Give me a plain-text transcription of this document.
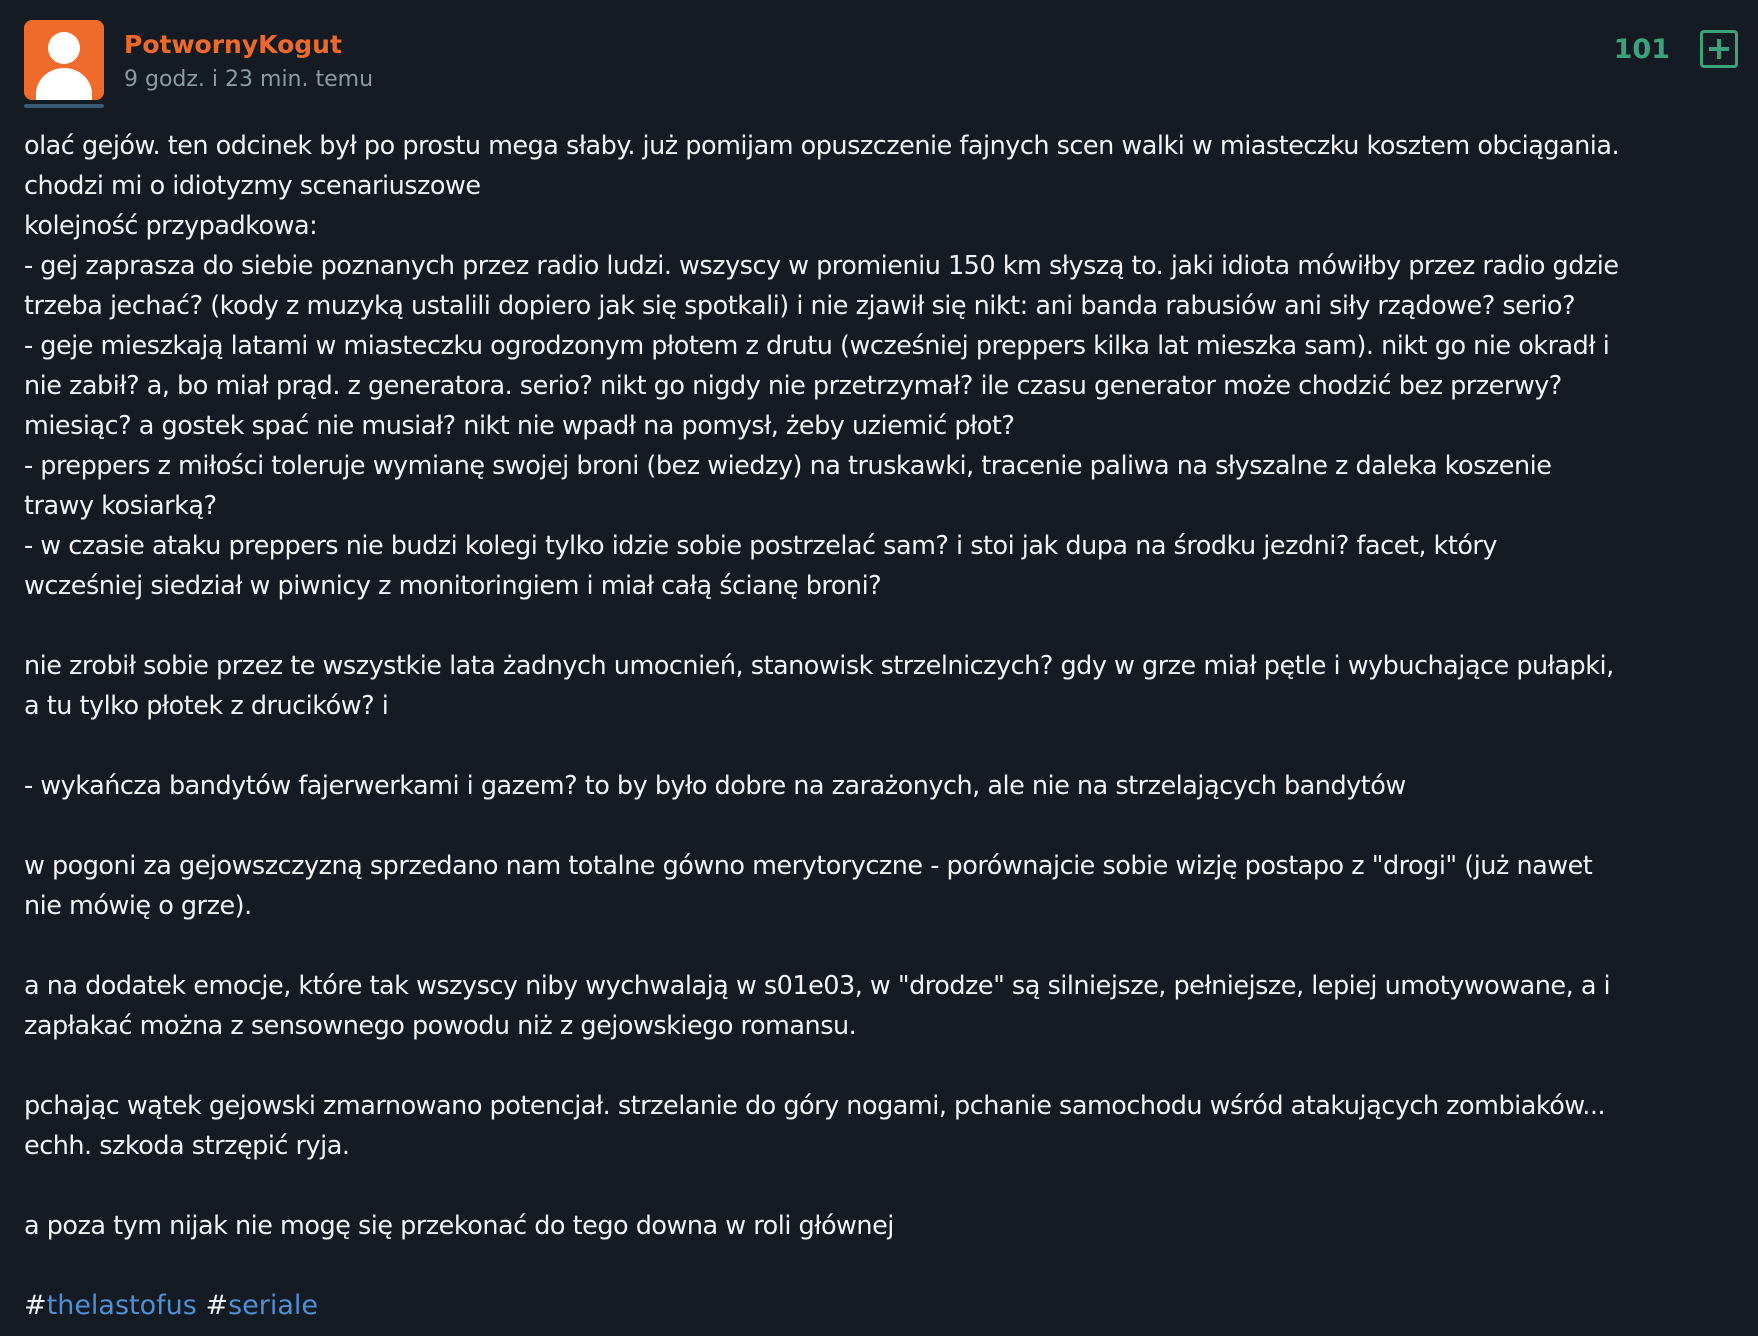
PotwornyKogut
9 godz. i 23 min. temu
101
olać gejów. ten odcinek był po prostu mega słaby. już pomijam opuszczenie fajnych scen walki w miasteczku kosztem obciągania.
chodzi mi o idiotyzmy scenariuszowe
kolejność przypadkowa:
- gej zaprasza do siebie poznanych przez radio ludzi. wszyscy w promieniu 150 km słyszą to. jaki idiota mówiłby przez radio gdzie
trzeba jechać? (kody z muzyką ustalili dopiero jak się spotkali) i nie zjawił się nikt: ani banda rabusiów ani siły rządowe? serio?
- geje mieszkają latami w miasteczku ogrodzonym płotem z drutu (wcześniej preppers kilka lat mieszka sam). nikt go nie okradł i
nie zabił? a, bo miał prąd. z generatora. serio? nikt go nigdy nie przetrzymał? ile czasu generator może chodzić bez przerwy?
miesiąc? a gostek spać nie musiał? nikt nie wpadł na pomysł, żeby uziemić płot?
- preppers z miłości toleruje wymianę swojej broni (bez wiedzy) na truskawki, tracenie paliwa na słyszalne z daleka koszenie
trawy kosiarką?
- w czasie ataku preppers nie budzi kolegi tylko idzie sobie postrzelać sam? i stoi jak dupa na środku jezdni? facet, który
wcześniej siedział w piwnicy z monitoringiem i miał całą ścianę broni?
nie zrobił sobie przez te wszystkie lata żadnych umocnień, stanowisk strzelniczych? gdy w grze miał pętle i wybuchające pułapki,
a tu tylko płotek z drucików? i
- wykańcza bandytów fajerwerkami i gazem? to by było dobre na zarażonych, ale nie na strzelających bandytów
w pogoni za gejowszczyzną sprzedano nam totalne gówno merytoryczne - porównajcie sobie wizję postapo z "drogi" (już nawet
nie mówię o grze).
a na dodatek emocje, które tak wszyscy niby wychwalają w s01e03, w "drodze" są silniejsze, pełniejsze, lepiej umotywowane, a i
zapłakać można z sensownego powodu niż z gejowskiego romansu.
pchając wątek gejowski zmarnowano potencjał. strzelanie do góry nogami, pchanie samochodu wśród atakujących zombiaków...
echh. szkoda strzępić ryja.
a poza tym nijak nie mogę się przekonać do tego downa w roli głównej
#thelastofus #seriale
